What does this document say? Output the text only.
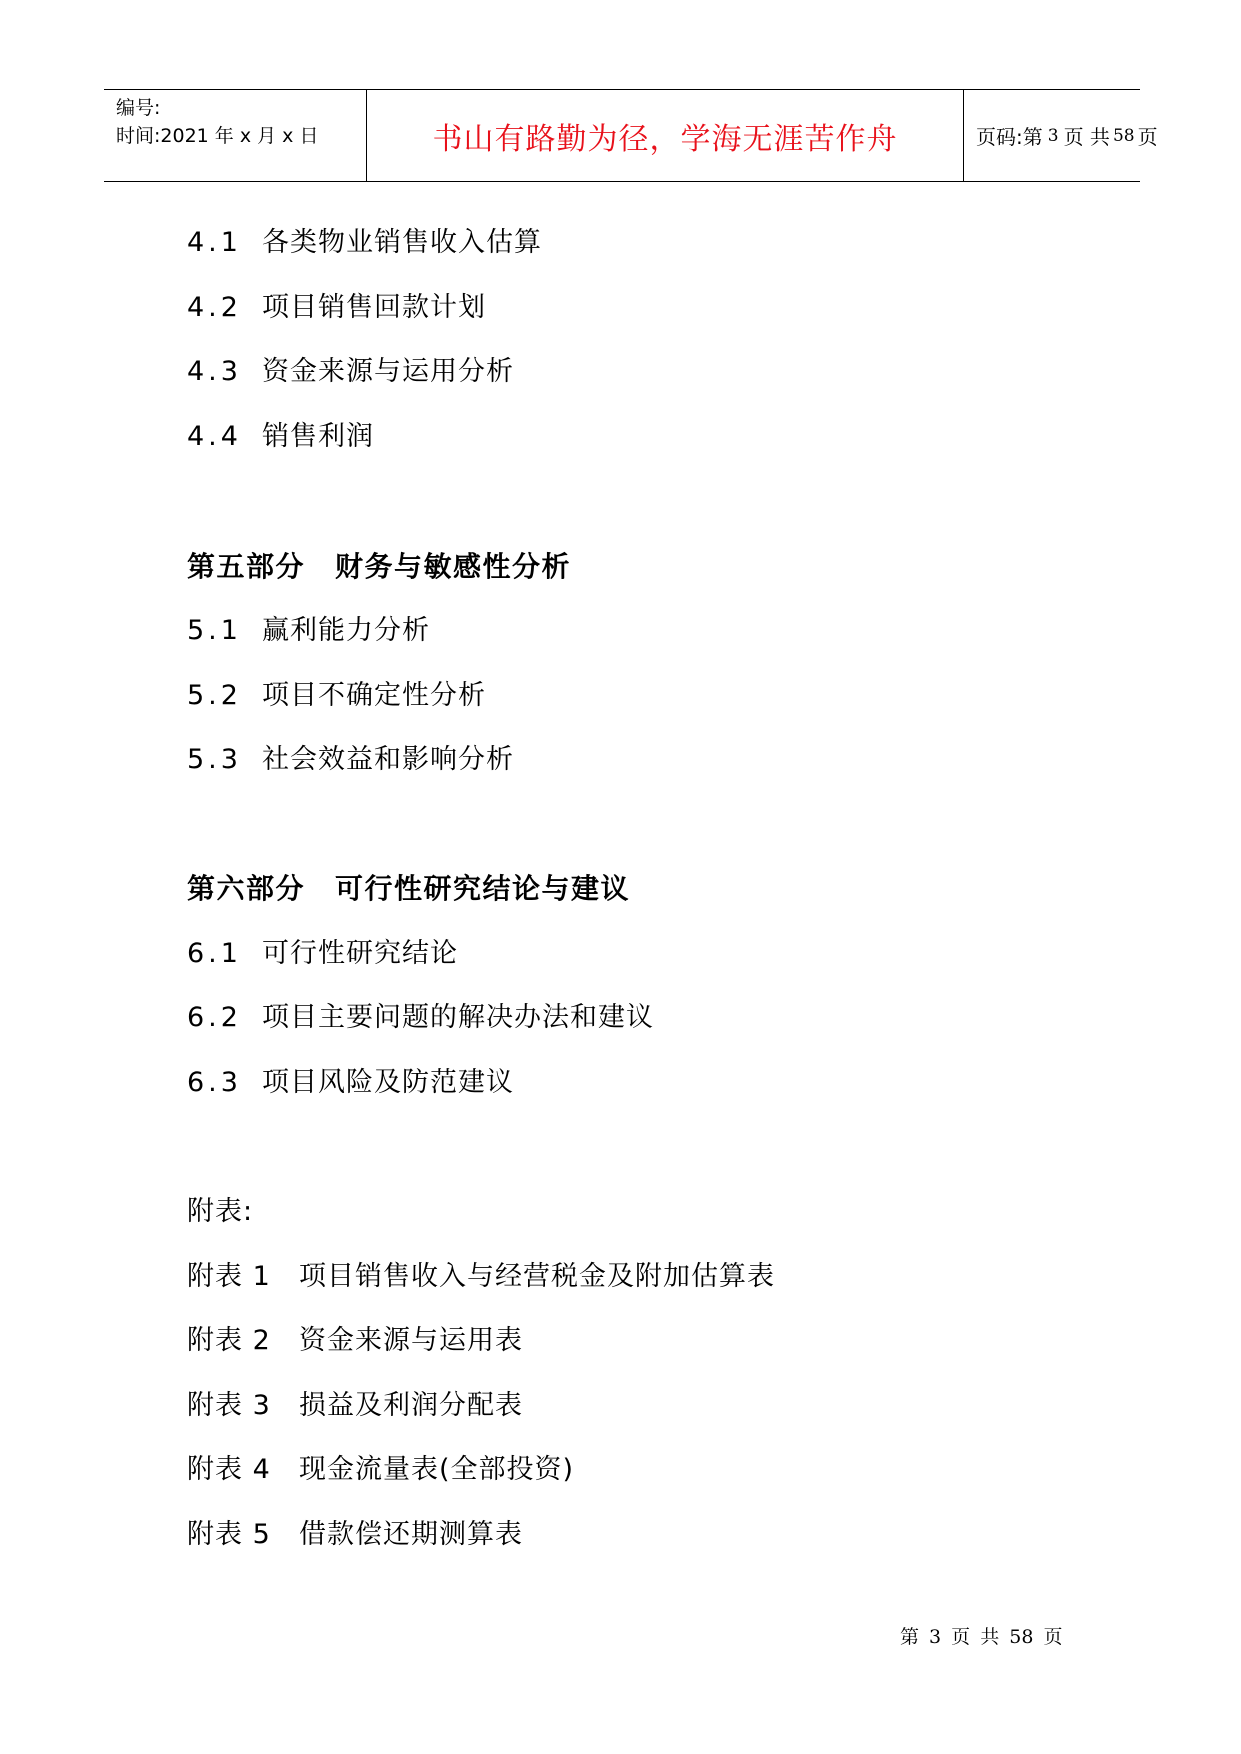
编号:
时间:2021 年 x 月 x 日	书山有路勤为径，学海无涯苦作舟	页码:第 3 页 共 58 页
4.1 各类物业销售收入估算
4.2 项目销售回款计划
4.3 资金来源与运用分析
4.4 销售利润
第五部分 财务与敏感性分析
5.1 赢利能力分析
5.2 项目不确定性分析
5.3 社会效益和影响分析
第六部分 可行性研究结论与建议
6.1 可行性研究结论
6.2 项目主要问题的解决办法和建议
6.3 项目风险及防范建议
附表:
附表 1 项目销售收入与经营税金及附加估算表
附表 2 资金来源与运用表
附表 3 损益及利润分配表
附表 4 现金流量表(全部投资)
附表 5 借款偿还期测算表
第 3 页 共 58 页
